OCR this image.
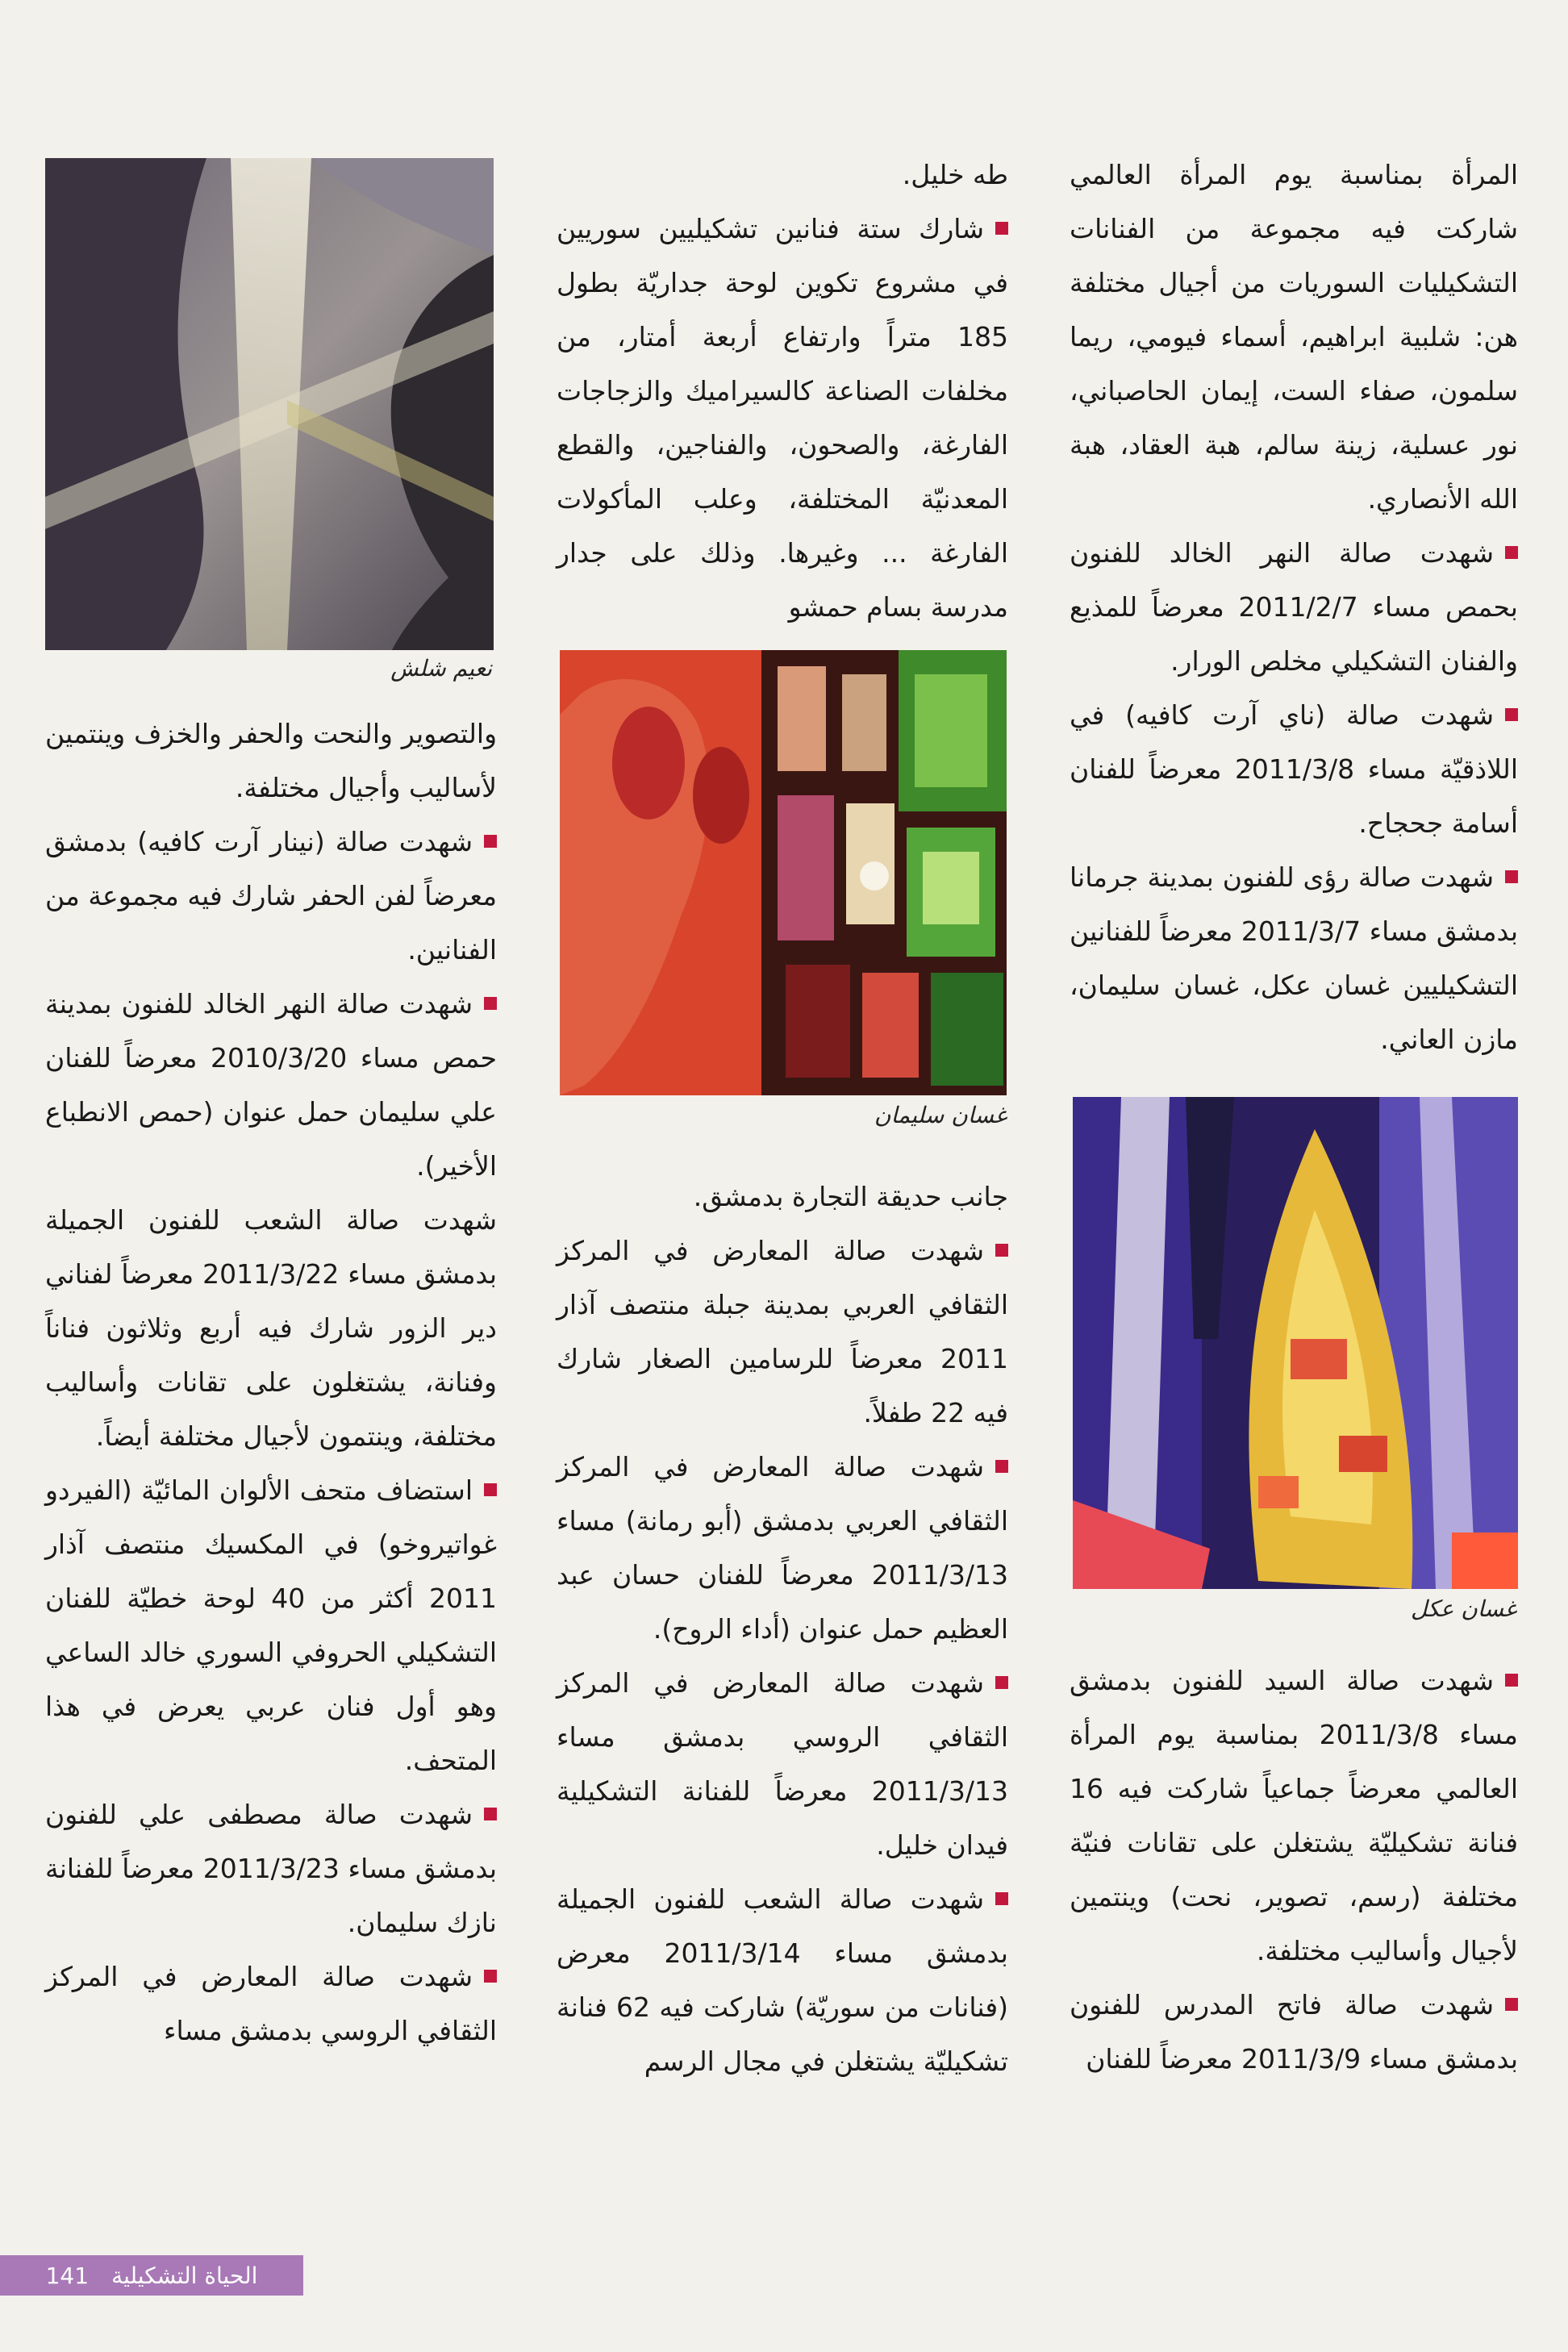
المرأة بمناسبة يوم المرأة العالمي شاركت فيه مجموعة من الفنانات التشكيليات السوريات من أجيال مختلفة هن: شلبية ابراهيم، أسماء فيومي، ريما سلمون، صفاء الست، إيمان الحاصباني، نور عسلية، زينة سالم، هبة العقاد، هبة الله الأنصاري.

شهدت صالة النهر الخالد للفنون بحمص مساء 2011/2/7 معرضاً للمذيع والفنان التشكيلي مخلص الورار.

شهدت صالة (ناي آرت كافيه) في اللاذقيّة مساء 2011/3/8 معرضاً للفنان أسامة جحجاح.

شهدت صالة رؤى للفنون بمدينة جرمانا بدمشق مساء 2011/3/7 معرضاً للفنانين التشكيليين غسان عكل، غسان سليمان، مازن العاني.

غسان عكل

شهدت صالة السيد للفنون بدمشق مساء 2011/3/8 بمناسبة يوم المرأة العالمي معرضاً جماعياً شاركت فيه 16 فنانة تشكيليّة يشتغلن على تقانات فنيّة مختلفة (رسم، تصوير، نحت) وينتمين لأجيال وأساليب مختلفة.

شهدت صالة فاتح المدرس للفنون بدمشق مساء 2011/3/9 معرضاً للفنان

طه خليل.

شارك ستة فنانين تشكيليين سوريين في مشروع تكوين لوحة جداريّة بطول 185 متراً وارتفاع أربعة أمتار، من مخلفات الصناعة كالسيراميك والزجاجات الفارغة، والصحون، والفناجين، والقطع المعدنيّة المختلفة، وعلب المأكولات الفارغة ... وغيرها. وذلك على جدار مدرسة بسام حمشو

غسان سليمان

جانب حديقة التجارة بدمشق.

شهدت صالة المعارض في المركز الثقافي العربي بمدينة جبلة منتصف آذار 2011 معرضاً للرسامين الصغار شارك فيه 22 طفلاً.

شهدت صالة المعارض في المركز الثقافي العربي بدمشق (أبو رمانة) مساء 2011/3/13 معرضاً للفنان حسان عبد العظيم حمل عنوان (أداء الروح).

شهدت صالة المعارض في المركز الثقافي الروسي بدمشق مساء 2011/3/13 معرضاً للفنانة التشكيلية فيدان خليل.

شهدت صالة الشعب للفنون الجميلة بدمشق مساء 2011/3/14 معرض (فنانات من سوريّة) شاركت فيه 62 فنانة تشكيليّة يشتغلن في مجال الرسم

نعيم شلش

والتصوير والنحت والحفر والخزف وينتمين لأساليب وأجيال مختلفة.

شهدت صالة (نينار آرت كافيه) بدمشق معرضاً لفن الحفر شارك فيه مجموعة من الفنانين.

شهدت صالة النهر الخالد للفنون بمدينة حمص مساء 2010/3/20 معرضاً للفنان علي سليمان حمل عنوان (حمص الانطباع الأخير).

شهدت صالة الشعب للفنون الجميلة بدمشق مساء 2011/3/22 معرضاً لفناني دير الزور شارك فيه أربع وثلاثون فناناً وفنانة، يشتغلون على تقانات وأساليب مختلفة، وينتمون لأجيال مختلفة أيضاً.

استضاف متحف الألوان المائيّة (الفيردو غواتيروخو) في المكسيك منتصف آذار 2011 أكثر من 40 لوحة خطيّة للفنان التشكيلي الحروفي السوري خالد الساعي وهو أول فنان عربي يعرض في هذا المتحف.

شهدت صالة مصطفى علي للفنون بدمشق مساء 2011/3/23 معرضاً للفنانة نازك سليمان.

شهدت صالة المعارض في المركز الثقافي الروسي بدمشق مساء

الحياة التشكيلية
141
